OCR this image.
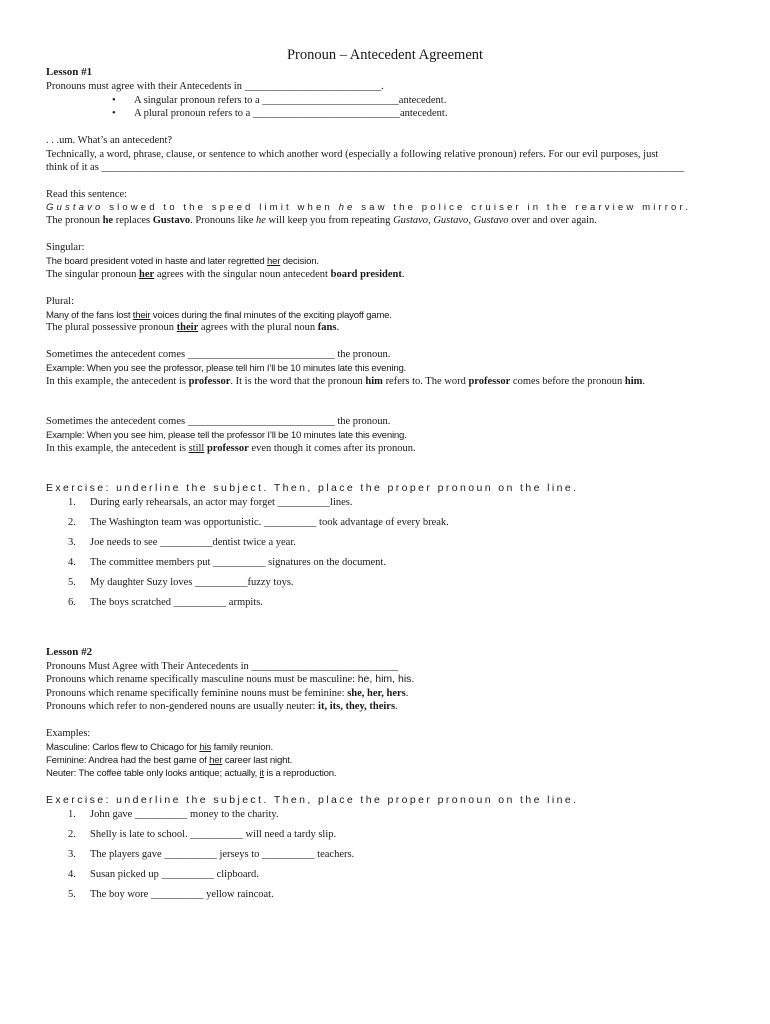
Pronoun – Antecedent Agreement
Lesson #1
Pronouns must agree with their Antecedents in __________________________.
• A singular pronoun refers to a __________________________antecedent.
• A plural pronoun refers to a ____________________________antecedent.
. . .um. What’s an antecedent?
Technically, a word, phrase, clause, or sentence to which another word (especially a following relative pronoun) refers. For our evil purposes, just
think of it as _______________________________________________________________________________________________________________
Read this sentence:
Gustavo slowed to the speed limit when he saw the police cruiser in the rearview mirror.
The pronoun he replaces Gustavo. Pronouns like he will keep you from repeating Gustavo, Gustavo, Gustavo over and over again.
Singular:
The board president voted in haste and later regretted her decision.
The singular pronoun her agrees with the singular noun antecedent board president.
Plural:
Many of the fans lost their voices during the final minutes of the exciting playoff game.
The plural possessive pronoun their agrees with the plural noun fans.
Sometimes the antecedent comes ____________________________ the pronoun.
Example: When you see the professor, please tell him I’ll be 10 minutes late this evening.
In this example, the antecedent is professor. It is the word that the pronoun him refers to. The word professor comes before the pronoun him.
Sometimes the antecedent comes ____________________________ the pronoun.
Example: When you see him, please tell the professor I’ll be 10 minutes late this evening.
In this example, the antecedent is still professor even though it comes after its pronoun.
Exercise: underline the subject. Then, place the proper pronoun on the line.
1. During early rehearsals, an actor may forget __________lines.
2. The Washington team was opportunistic. __________ took advantage of every break.
3. Joe needs to see __________dentist twice a year.
4. The committee members put __________ signatures on the document.
5. My daughter Suzy loves __________fuzzy toys.
6. The boys scratched __________ armpits.
Lesson #2
Pronouns Must Agree with Their Antecedents in ____________________________
Pronouns which rename specifically masculine nouns must be masculine: he, him, his.
Pronouns which rename specifically feminine nouns must be feminine: she, her, hers.
Pronouns which refer to non-gendered nouns are usually neuter: it, its, they, theirs.
Examples:
Masculine: Carlos flew to Chicago for his family reunion.
Feminine: Andrea had the best game of her career last night.
Neuter: The coffee table only looks antique; actually, it is a reproduction.
Exercise: underline the subject. Then, place the proper pronoun on the line.
1. John gave __________ money to the charity.
2. Shelly is late to school. __________ will need a tardy slip.
3. The players gave __________ jerseys to __________ teachers.
4. Susan picked up __________ clipboard.
5. The boy wore __________ yellow raincoat.
